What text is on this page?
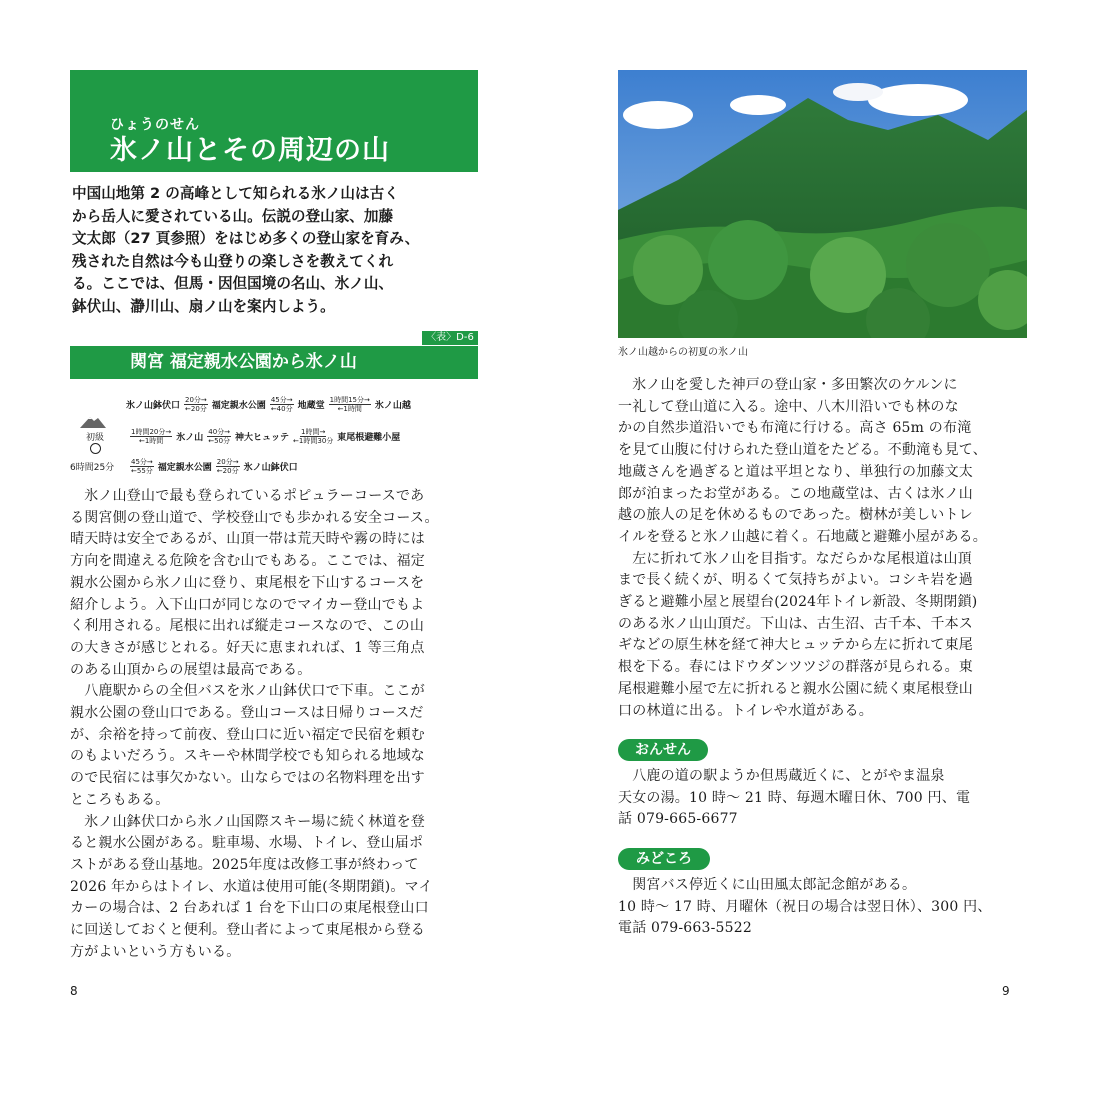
ひょうのせん
氷ノ山とその周辺の山

中国山地第 2 の高峰として知られる氷ノ山は古く

から岳人に愛されている山。伝説の登山家、加藤

文太郎（27 頁参照）をはじめ多くの登山家を育み、

残された自然は今も山登りの楽しさを教えてくれ

る。ここでは、但馬・因但国境の名山、氷ノ山、

鉢伏山、瀞川山、扇ノ山を案内しよう。

〈表〉D-6
関宮 福定親水公園から氷ノ山
初級
6時間25分
氷ノ山鉢伏口
20分→
←20分 福定親水公園
45分→
←40分 地蔵堂
1時間15分→
←1時間 氷ノ山越
1時間20分→
←1時間 氷ノ山
40分→
←50分 神大ヒュッテ
1時間→
←1時間30分 東尾根避難小屋
45分→
←55分 福定親水公園
20分→
←20分 氷ノ山鉢伏口

　氷ノ山登山で最も登られているポピュラーコースであ

る関宮側の登山道で、学校登山でも歩かれる安全コース。

晴天時は安全であるが、山頂一帯は荒天時や霧の時には

方向を間違える危険を含む山でもある。ここでは、福定

親水公園から氷ノ山に登り、東尾根を下山するコースを

紹介しよう。入下山口が同じなのでマイカー登山でもよ

く利用される。尾根に出れば縦走コースなので、この山

の大きさが感じとれる。好天に恵まれれば、1 等三角点

のある山頂からの展望は最高である。

　八鹿駅からの全但バスを氷ノ山鉢伏口で下車。ここが

親水公園の登山口である。登山コースは日帰りコースだ

が、余裕を持って前夜、登山口に近い福定で民宿を頼む

のもよいだろう。スキーや林間学校でも知られる地域な

ので民宿には事欠かない。山ならではの名物料理を出す

ところもある。

　氷ノ山鉢伏口から氷ノ山国際スキー場に続く林道を登

ると親水公園がある。駐車場、水場、トイレ、登山届ポ

ストがある登山基地。2025年度は改修工事が終わって

2026 年からはトイレ、水道は使用可能(冬期閉鎖)。マイ

カーの場合は、2 台あれば 1 台を下山口の東尾根登山口

に回送しておくと便利。登山者によって東尾根から登る

方がよいという方もいる。

8
氷ノ山越からの初夏の氷ノ山

　氷ノ山を愛した神戸の登山家・多田繁次のケルンに

一礼して登山道に入る。途中、八木川沿いでも林のな

かの自然歩道沿いでも布滝に行ける。高さ 65m の布滝

を見て山腹に付けられた登山道をたどる。不動滝も見て、

地蔵さんを過ぎると道は平坦となり、単独行の加藤文太

郎が泊まったお堂がある。この地蔵堂は、古くは氷ノ山

越の旅人の足を休めるものであった。樹林が美しいトレ

イルを登ると氷ノ山越に着く。石地蔵と避難小屋がある。

　左に折れて氷ノ山を目指す。なだらかな尾根道は山頂

まで長く続くが、明るくて気持ちがよい。コシキ岩を過

ぎると避難小屋と展望台(2024年トイレ新設、冬期閉鎖)

のある氷ノ山山頂だ。下山は、古生沼、古千本、千本ス

ギなどの原生林を経て神大ヒュッテから左に折れて東尾

根を下る。春にはドウダンツツジの群落が見られる。東

尾根避難小屋で左に折れると親水公園に続く東尾根登山

口の林道に出る。トイレや水道がある。

おんせん

　八鹿の道の駅ようか但馬蔵近くに、とがやま温泉

天女の湯。10 時～ 21 時、毎週木曜日休、700 円、電

話 079-665-6677

みどころ

　関宮バス停近くに山田風太郎記念館がある。

10 時～ 17 時、月曜休（祝日の場合は翌日休）、300 円、

電話 079-663-5522

9
